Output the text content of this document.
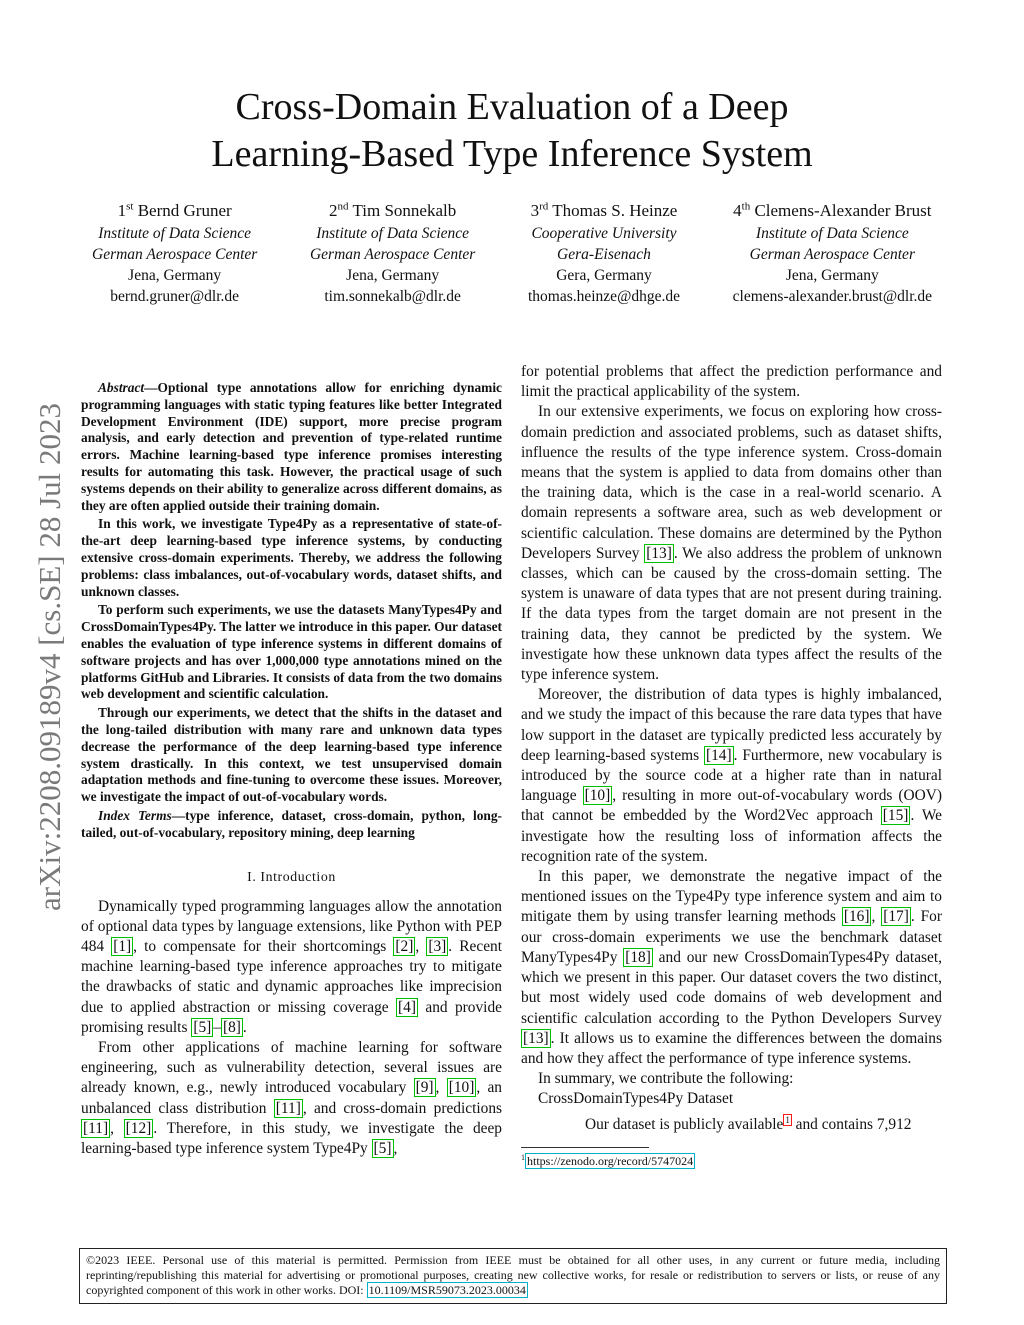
Cross-Domain Evaluation of a Deep
Learning-Based Type Inference System
1st Bernd Gruner
Institute of Data Science
German Aerospace Center
Jena, Germany
bernd.gruner@dlr.de
2nd Tim Sonnekalb
Institute of Data Science
German Aerospace Center
Jena, Germany
tim.sonnekalb@dlr.de
3rd Thomas S. Heinze
Cooperative University
Gera-Eisenach
Gera, Germany
thomas.heinze@dhge.de
4th Clemens-Alexander Brust
Institute of Data Science
German Aerospace Center
Jena, Germany
clemens-alexander.brust@dlr.de
arXiv:2208.09189v4 [cs.SE] 28 Jul 2023

Abstract—Optional type annotations allow for enriching dynamic programming languages with static typing features like better Integrated Development Environment (IDE) support, more precise program analysis, and early detection and prevention of type-related runtime errors. Machine learning-based type inference promises interesting results for automating this task. However, the practical usage of such systems depends on their ability to generalize across different domains, as they are often applied outside their training domain.

In this work, we investigate Type4Py as a representative of state-of-the-art deep learning-based type inference systems, by conducting extensive cross-domain experiments. Thereby, we address the following problems: class imbalances, out-of-vocabulary words, dataset shifts, and unknown classes.

To perform such experiments, we use the datasets ManyTypes4Py and CrossDomainTypes4Py. The latter we introduce in this paper. Our dataset enables the evaluation of type inference systems in different domains of software projects and has over 1,000,000 type annotations mined on the platforms GitHub and Libraries. It consists of data from the two domains web development and scientific calculation.

Through our experiments, we detect that the shifts in the dataset and the long-tailed distribution with many rare and unknown data types decrease the performance of the deep learning-based type inference system drastically. In this context, we test unsupervised domain adaptation methods and fine-tuning to overcome these issues. Moreover, we investigate the impact of out-of-vocabulary words.

Index Terms—type inference, dataset, cross-domain, python, long-tailed, out-of-vocabulary, repository mining, deep learning

I. Introduction

Dynamically typed programming languages allow the annotation of optional data types by language extensions, like Python with PEP 484 [1] , to compensate for their shortcomings [2] , [3] . Recent machine learning-based type inference approaches try to mitigate the drawbacks of static and dynamic approaches like imprecision due to applied abstraction or missing coverage [4] and provide promising results [5] – [8] .

From other applications of machine learning for software engineering, such as vulnerability detection, several issues are already known, e.g., newly introduced vocabulary [9] , [10] , an unbalanced class distribution [11] , and cross-domain predictions [11] , [12] . Therefore, in this study, we investigate the deep learning-based type inference system Type4Py [5] ,

for potential problems that affect the prediction performance and limit the practical applicability of the system.

In our extensive experiments, we focus on exploring how cross-domain prediction and associated problems, such as dataset shifts, influence the results of the type inference system. Cross-domain means that the system is applied to data from domains other than the training data, which is the case in a real-world scenario. A domain represents a software area, such as web development or scientific calculation. These domains are determined by the Python Developers Survey [13] . We also address the problem of unknown classes, which can be caused by the cross-domain setting. The system is unaware of data types that are not present during training. If the data types from the target domain are not present in the training data, they cannot be predicted by the system. We investigate how these unknown data types affect the results of the type inference system.

Moreover, the distribution of data types is highly imbalanced, and we study the impact of this because the rare data types that have low support in the dataset are typically predicted less accurately by deep learning-based systems [14] . Furthermore, new vocabulary is introduced by the source code at a higher rate than in natural language [10] , resulting in more out-of-vocabulary words (OOV) that cannot be embedded by the Word2Vec approach [15] . We investigate how the resulting loss of information affects the recognition rate of the system.

In this paper, we demonstrate the negative impact of the mentioned issues on the Type4Py type inference system and aim to mitigate them by using transfer learning methods [16] , [17] . For our cross-domain experiments we use the benchmark dataset ManyTypes4Py [18] and our new CrossDomainTypes4Py dataset, which we present in this paper. Our dataset covers the two distinct, but most widely used code domains of web development and scientific calculation according to the Python Developers Survey [13] . It allows us to examine the differences between the domains and how they affect the performance of type inference systems.

In summary, we contribute the following:

CrossDomainTypes4Py Dataset

Our dataset is publicly available $^1$ and contains 7,912

$^1$ https://zenodo.org/record/5747024

©2023 IEEE. Personal use of this material is permitted. Permission from IEEE must be obtained for all other uses, in any current or future media, including reprinting/republishing this material for advertising or promotional purposes, creating new collective works, for resale or redistribution to servers or lists, or reuse of any copyrighted component of this work in other works. DOI: 10.1109/MSR59073.2023.00034
